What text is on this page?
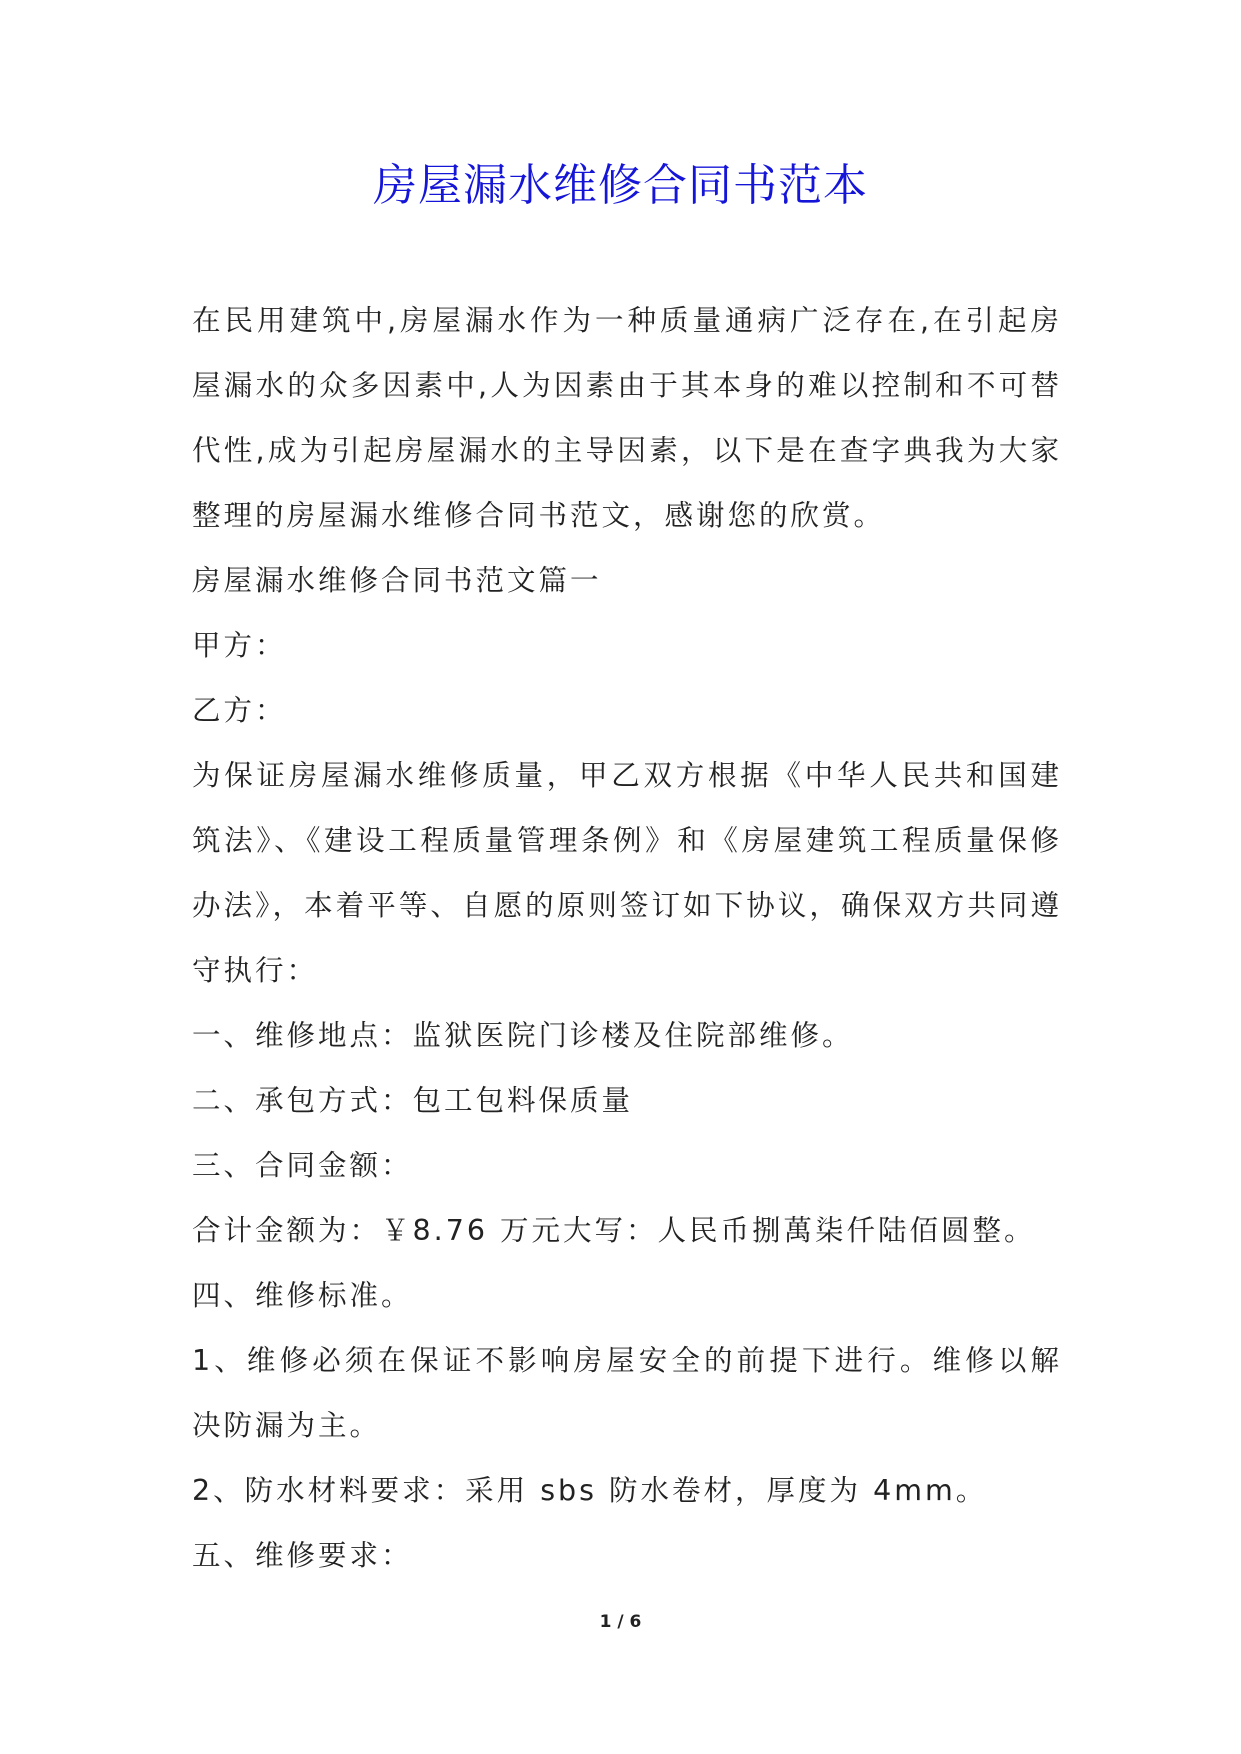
房屋漏水维修合同书范本

在民用建筑中,房屋漏水作为一种质量通病广泛存在,在引起房屋漏水的众多因素中,人为因素由于其本身的难以控制和不可替代性,成为引起房屋漏水的主导因素，以下是在查字典我为大家整理的房屋漏水维修合同书范文，感谢您的欣赏。

房屋漏水维修合同书范文篇一

甲方：

乙方：

为保证房屋漏水维修质量，甲乙双方根据《中华人民共和国建筑法》、《建设工程质量管理条例》和《房屋建筑工程质量保修办法》，本着平等、自愿的原则签订如下协议，确保双方共同遵守执行：

一、维修地点：监狱医院门诊楼及住院部维修。

二、承包方式：包工包料保质量

三、合同金额：

合计金额为：￥8.76 万元大写：人民币捌萬柒仟陆佰圆整。

四、维修标准。

1、维修必须在保证不影响房屋安全的前提下进行。维修以解决防漏为主。

2、防水材料要求：采用 sbs 防水卷材，厚度为 4mm。

五、维修要求：

1 / 6
